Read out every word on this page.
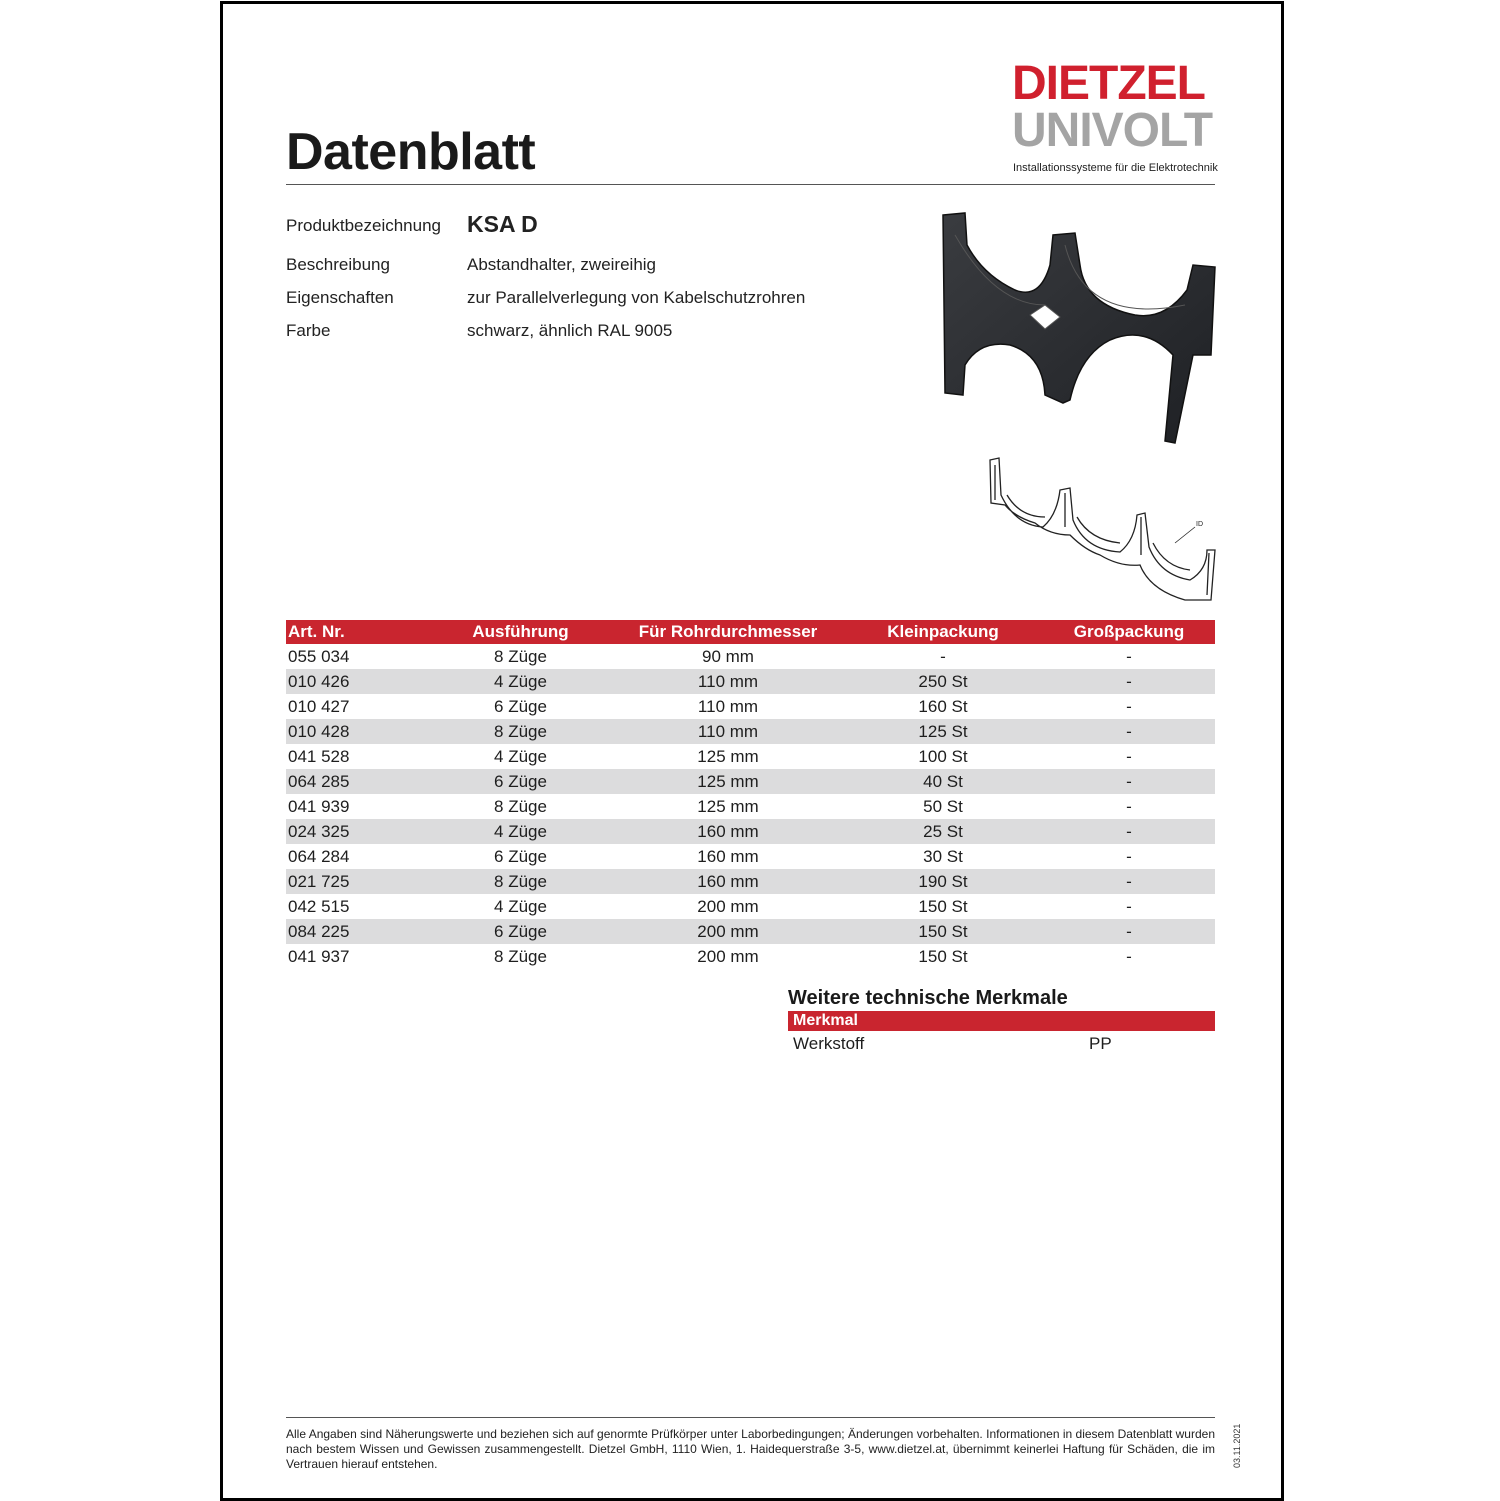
Datenblatt
DIETZEL
UNIVOLT
Installationssysteme für die Elektrotechnik
Produktbezeichnung KSA D
Beschreibung	Abstandhalter, zweireihig
Eigenschaften	zur Parallelverlegung von Kabelschutzrohren
Farbe	schwarz, ähnlich RAL 9005
ID
Art. Nr.	Ausführung	Für Rohrdurchmesser	Kleinpackung	Großpackung
055 034	8 Züge	90 mm	-	-
010 426	4 Züge	110 mm	250 St	-
010 427	6 Züge	110 mm	160 St	-
010 428	8 Züge	110 mm	125 St	-
041 528	4 Züge	125 mm	100 St	-
064 285	6 Züge	125 mm	40 St	-
041 939	8 Züge	125 mm	50 St	-
024 325	4 Züge	160 mm	25 St	-
064 284	6 Züge	160 mm	30 St	-
021 725	8 Züge	160 mm	190 St	-
042 515	4 Züge	200 mm	150 St	-
084 225	6 Züge	200 mm	150 St	-
041 937	8 Züge	200 mm	150 St	-
Weitere technische Merkmale
Merkmal
Werkstoff	PP
Alle Angaben sind Näherungswerte und beziehen sich auf genormte Prüfkörper unter Laborbedingungen; Änderungen vorbehalten. Informationen in diesem Datenblatt wurden nach bestem Wissen und Gewissen zusammengestellt. Dietzel GmbH, 1110 Wien, 1. Haidequerstraße 3-5, www.dietzel.at, übernimmt keinerlei Haftung für Schäden, die im Vertrauen hierauf entstehen.	03.11.2021
